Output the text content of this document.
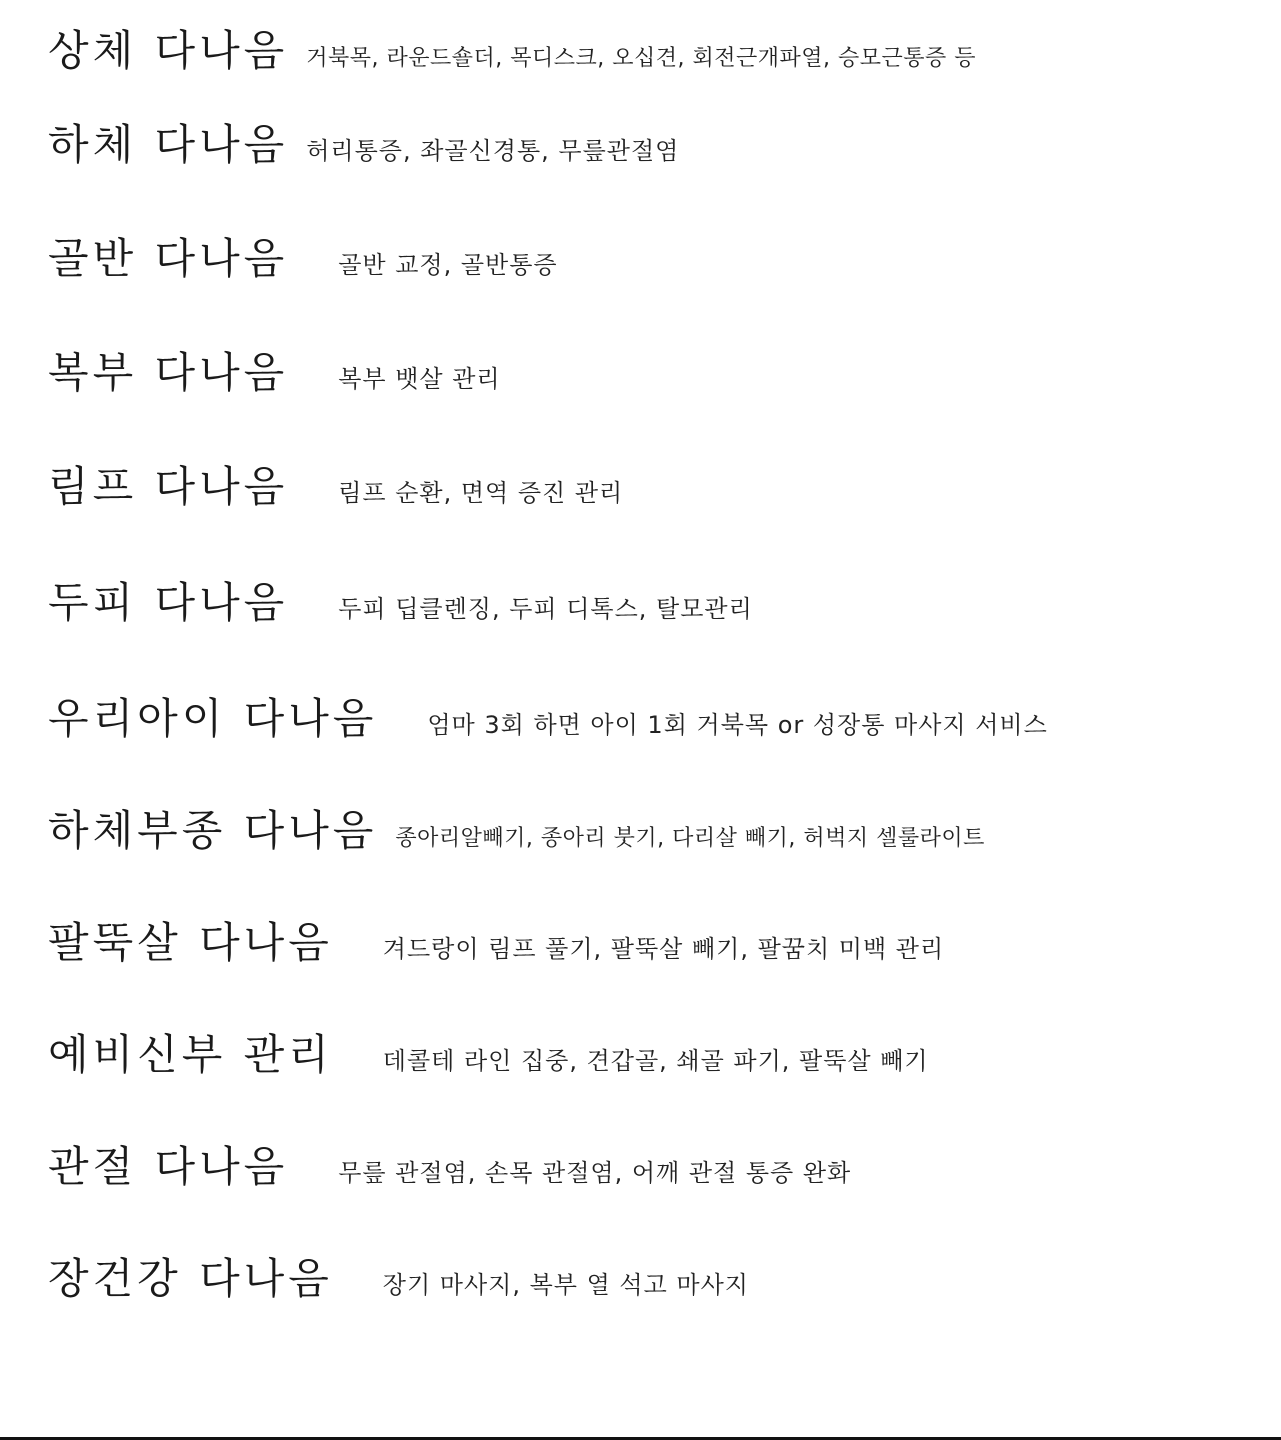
상체 다나음 거북목, 라운드숄더, 목디스크, 오십견, 회전근개파열, 승모근통증 등
하체 다나음 허리통증, 좌골신경통, 무릎관절염
골반 다나음 골반 교정, 골반통증
복부 다나음 복부 뱃살 관리
림프 다나음 림프 순환, 면역 증진 관리
두피 다나음 두피 딥클렌징, 두피 디톡스, 탈모관리
우리아이 다나음 엄마 3회 하면 아이 1회 거북목 or 성장통 마사지 서비스
하체부종 다나음 종아리알빼기, 종아리 붓기, 다리살 빼기, 허벅지 셀룰라이트
팔뚝살 다나음 겨드랑이 림프 풀기, 팔뚝살 빼기, 팔꿈치 미백 관리
예비신부 관리 데콜테 라인 집중, 견갑골, 쇄골 파기, 팔뚝살 빼기
관절 다나음 무릎 관절염, 손목 관절염, 어깨 관절 통증 완화
장건강 다나음 장기 마사지, 복부 열 석고 마사지
